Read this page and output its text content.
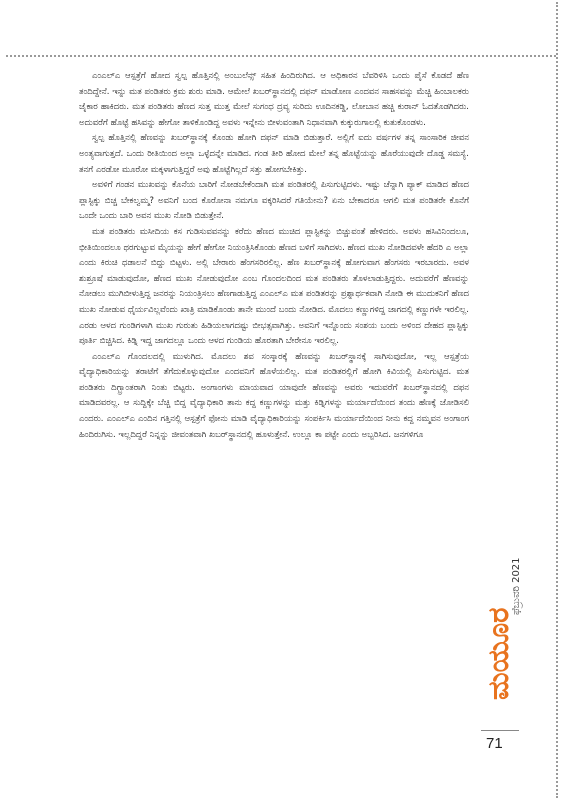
ಎಂಎಲ್‌ಎ ಆಸ್ಪತ್ರೆಗೆ ಹೋದ ಸ್ವಲ್ಪ ಹೊತ್ತಿನಲ್ಲಿ ಅಂಬುಲೆನ್ಸ್ ಸಹಿತ ಹಿಂದಿರುಗಿದ. ಆ ಅಧಿಕಾರನ ಬೆವರಿಳಿಸಿ ಒಂದು ಪೈಸೆ ಕೊಡದೆ ಹೆಣ ತಂದಿದ್ದೇನೆ. ಇನ್ನು ಮತ ಪಂಡಿತರು ಕ್ರಮ ಶುರು ಮಾಡಿ. ಆಮೇಲೆ ಖಬರ್‌ಸ್ಥಾನದಲ್ಲಿ ದಫನ್ ಮಾಡೋಣ ಎಂದವನ ಸಾಹಸವನ್ನು ಮೆಚ್ಚಿ ಹಿಂಬಾಲಕರು ಜೈಕಾರ ಹಾಕಿದರು. ಮತ ಪಂಡಿತರು ಹೆಣದ ಸುತ್ತ ಮುತ್ತ ಮೇಲೆ ಸುಗಂಧ ದ್ರವ್ಯ ಸುರಿದು ಊದಿನಕಡ್ಡಿ, ಲೋಬಾನ ಹಚ್ಚಿ ಕುರಾನ್ ಓದತೊಡಗಿದರು. ಅದುವರೆಗೆ ಹೊಟ್ಟೆ ಹಸಿವನ್ನು ಹೇಗೋ ತಾಳಿಕೊಂಡಿದ್ದ ಅವಳು ಇನ್ನೇನು ಬೀಳುವಂತಾಗಿ ನಿಧಾನವಾಗಿ ಕುಕ್ಕುರುಗಾಲಲ್ಲಿ ಕುತುಕೊಂಡಳು.

ಸ್ವಲ್ಪ ಹೊತ್ತಿನಲ್ಲಿ ಹೆಣವನ್ನು ಖಬರ್‌ಸ್ಥಾನಕ್ಕೆ ಕೊಂಡು ಹೋಗಿ ದಫನ್ ಮಾಡಿ ಬಿಡುತ್ತಾರೆ. ಅಲ್ಲಿಗೆ ಐದು ವರ್ಷಗಳ ತನ್ನ ಸಾಂಸಾರಿಕ ಜೀವನ ಅಂತ್ಯವಾಗುತ್ತದೆ. ಒಂದು ರೀತಿಯಿಂದ ಅಲ್ಲಾ ಒಳ್ಳೆದನ್ನೇ ಮಾಡಿದ. ಗಂಡ ತೀರಿ ಹೋದ ಮೇಲೆ ತನ್ನ ಹೊಟ್ಟೆಯನ್ನು ಹೊರೆಯುವುದೇ ದೊಡ್ಡ ಸಮಸ್ಯೆ. ತನಗೆ ಎರಡೋ ಮೂರೋ ಮಕ್ಕಳಾಗುತ್ತಿದ್ದರೆ ಅವು ಹೊಟ್ಟೆಗಿಲ್ಲದೆ ಸತ್ತು ಹೋಗಬೇಕಿತ್ತು.

ಅವಳಿಗೆ ಗಂಡನ ಮುಖವನ್ನು ಕೊನೆಯ ಬಾರಿಗೆ ನೋಡಬೇಕೆಂದಾಗಿ ಮತ ಪಂಡಿತರಲ್ಲಿ ಪಿಸುಗುಟ್ಟಿದಳು. ಇಷ್ಟು ಚೆನ್ನಾಗಿ ಪ್ಯಾಕ್ ಮಾಡಿದ ಹೆಣದ ಪ್ಲಾಸ್ಟಿಕ್ಕು ಬಿಚ್ಚ ಬೇಕಲ್ವಮ್ಮ? ಅವನಿಗೆ ಬಂದ ಕೊರೋನಾ ನಮಗೂ ವಕ್ಕರಿಸಿದರೆ ಗತಿಯೇನು? ಏನು ಬೇಕಾದರೂ ಆಗಲಿ ಮತ ಪಂಡಿತರೇ ಕೊನೆಗೆ ಒಂದೇ ಒಂದು ಬಾರಿ ಅವನ ಮುಖ ನೋಡಿ ಬಿಡುತ್ತೇನೆ.

ಮತ ಪಂಡಿತರು ಮಸೀದಿಯ ಕಸ ಗುಡಿಸುವವನನ್ನು ಕರೆದು ಹೆಣದ ಮುಚಿದ ಪ್ಲಾಸ್ಟಿಕನ್ನು ಬಿಚ್ಚುವಂತೆ ಹೇಳಿದರು. ಅವಳು ಹಸಿವಿನಿಂದಲೂ, ಭೀತಿಯಿಂದಲೂ ಥರಗುಟ್ಟುವ ಮೈಯನ್ನು ಹೇಗೆ ಹೇಗೋ ನಿಯಂತ್ರಿಸಿಕೊಂಡು ಹೆಣದ ಬಳಿಗೆ ಸಾಗಿದಳು. ಹೆಣದ ಮುಖ ನೋಡಿದವಳೇ ಹೆದರಿ ಎ ಅಲ್ಲಾ ಎಂದು ಕಿರುಚಿ ಧಡಾಲನೆ ಬಿದ್ದು ಬಿಟ್ಟಳು. ಅಲ್ಲಿ ಬೇರಾರು ಹೆಂಗಸರಿರಲಿಲ್ಲ. ಹೆಣ ಖಬರ್‌ಸ್ಥಾನಕ್ಕೆ ಹೋಗುವಾಗ ಹೆಂಗಸರು ಇರಬಾರದು. ಅವಳ ಶುಶ್ರೂಷೆ ಮಾಡುವುದೋ, ಹೆಣದ ಮುಖ ನೋಡುವುದೋ ಎಂಬ ಗೊಂದಲದಿಂದ ಮತ ಪಂಡಿತರು ತೊಳಲಾಡುತ್ತಿದ್ದರು. ಅದುವರೆಗೆ ಹೆಣವನ್ನು ನೋಡಲು ಮುಗಿಬೀಳುತ್ತಿದ್ದ ಜನರನ್ನು ನಿಯಂತ್ರಿಸಲು ಹೆಣಗಾಡುತ್ತಿದ್ದ ಎಂಎಲ್‌ಎ ಮತ ಪಂಡಿತರನ್ನು ಪ್ರಶ್ನಾರ್ಥಕವಾಗಿ ನೋಡಿ ಈ ಮುದುಕನಿಗೆ ಹೆಣದ ಮುಖ ನೋಡುವ ಧೈರ್ಯವಿಲ್ಲವೆಂದು ಖಾತ್ರಿ ಮಾಡಿಕೊಂಡು ತಾನೇ ಮುಂದೆ ಬಂದು ನೋಡಿದ. ಮೊದಲು ಕಣ್ಣುಗಳಿದ್ದ ಜಾಗದಲ್ಲಿ ಕಣ್ಣುಗಳೇ ಇರಲಿಲ್ಲ. ಎರಡು ಆಳದ ಗುಂಡಿಗಳಾಗಿ ಮುಖ ಗುರುತು ಹಿಡಿಯಲಾಗದಷ್ಟು ಬೀಭತ್ಸವಾಗಿತ್ತು. ಅವನಿಗೆ ಇನ್ನೊಂದು ಸಂಶಯ ಬಂದು ಅಳಿಂದ ದೇಹದ ಪ್ಲಾಸ್ಟಿಕ್ಕು ಪೂರ್ತಿ ಬಿಚ್ಚಿಸಿದ. ಕಿಡ್ನಿ ಇದ್ದ ಜಾಗದಲ್ಲೂ ಒಂದು ಆಳದ ಗುಂಡಿಯ ಹೊರತಾಗಿ ಬೇರೇನೂ ಇರಲಿಲ್ಲ.

ಎಂಎಲ್‌ಎ ಗೊಂದಲದಲ್ಲಿ ಮುಳುಗಿದ. ಮೊದಲು ಶವ ಸಂಸ್ಕಾರಕ್ಕೆ ಹೆಣವನ್ನು ಖಬರ್‌ಸ್ಥಾನಕ್ಕೆ ಸಾಗಿಸುವುದೋ, ಇಲ್ಲ ಆಸ್ಪತ್ರೆಯ ವೈದ್ಯಾಧಿಕಾರಿಯನ್ನು ತರಾಟೆಗೆ ತೆಗೆದುಕೊಳ್ಳುವುದೋ ಎಂದವನಿಗೆ ಹೊಳೆಯಲಿಲ್ಲ. ಮತ ಪಂಡಿತರಲ್ಲಿಗೆ ಹೋಗಿ ಕಿವಿಯಲ್ಲಿ ಪಿಸುಗುಟ್ಟಿದ. ಮತ ಪಂಡಿತರು ದಿಗ್ಭ್ರಾಂತರಾಗಿ ನಿಂತು ಬಿಟ್ಟರು. ಅಂಗಾಂಗಳು ಮಾಯವಾದ ಯಾವುದೇ ಹೆಣವನ್ನು ಅವರು ಇದುವರೆಗೆ ಖಬರ್‌ಸ್ಥಾನದಲ್ಲಿ ದಫನ ಮಾಡಿದವರಲ್ಲ. ಆ ಸುದ್ದಿಕ್ಕೇ ಬೆಚ್ಚಿ ಬಿದ್ದ ವೈದ್ಯಾಧಿಕಾರಿ ತಾನು ಕದ್ದ ಕಣ್ಣುಗಳನ್ನು ಮತ್ತು ಕಿಡ್ನಿಗಳನ್ನು ಮರ್ಯಾದೆಯಿಂದ ತಂದು ಹೆಣಕ್ಕೆ ಜೋಡಿಸಲಿ ಎಂದರು. ಎಂಎಲ್‌ಎ ಎಂದಿನ ಗತ್ತಿನಲ್ಲಿ ಆಸ್ಪತ್ರೆಗೆ ಫೋನು ಮಾಡಿ ವೈದ್ಯಾಧಿಕಾರಿಯನ್ನು ಸಂಪರ್ಕಿಸಿ ಮರ್ಯಾದೆಯಿಂದ ನೀನು ಕದ್ದ ನಮ್ಮವನ ಅಂಗಾಂಗ ಹಿಂದಿರುಗಿಸು. ಇಲ್ಲದಿದ್ದರೆ ನಿನ್ನನ್ನು ಜೀವಂತವಾಗಿ ಖಬರ್‌ಸ್ಥಾನದಲ್ಲಿ ಹೂಳುತ್ತೇನೆ. ಉಲ್ಲೂ ಕಾ ಪಟ್ಟೇ ಎಂದು ಅಬ್ಬರಿಸಿದ. ಜನಗಳಿಗೂ

ಮಯೂರ
ಫೆಬ್ರುವರಿ 2021
71
